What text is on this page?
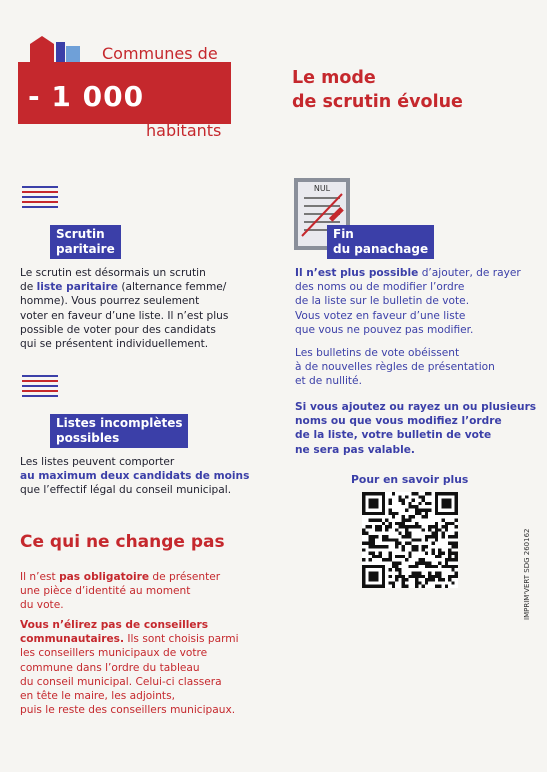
Communes de
- 1 000
habitants
Le mode
de scrutin évolue
Scrutin
paritaire
Le scrutin est désormais un scrutin
de liste paritaire (alternance femme/
homme). Vous pourrez seulement
voter en faveur d’une liste. Il n’est plus
possible de voter pour des candidats
qui se présentent individuellement.
Listes incomplètes
possibles
Les listes peuvent comporter
au maximum deux candidats de moins
que l’effectif légal du conseil municipal.
Ce qui ne change pas
Il n’est pas obligatoire de présenter
une pièce d’identité au moment
du vote.
Vous n’élirez pas de conseillers
communautaires. Ils sont choisis parmi
les conseillers municipaux de votre
commune dans l’ordre du tableau
du conseil municipal. Celui-ci classera
en tête le maire, les adjoints,
puis le reste des conseillers municipaux.
NUL
Fin
du panachage
Il n’est plus possible d’ajouter, de rayer
des noms ou de modifier l’ordre
de la liste sur le bulletin de vote.
Vous votez en faveur d’une liste
que vous ne pouvez pas modifier.
Les bulletins de vote obéissent
à de nouvelles règles de présentation
et de nullité.
Si vous ajoutez ou rayez un ou plusieurs
noms ou que vous modifiez l’ordre
de la liste, votre bulletin de vote
ne sera pas valable.
Pour en savoir plus
IMPRIM'VERT SDG 260162
